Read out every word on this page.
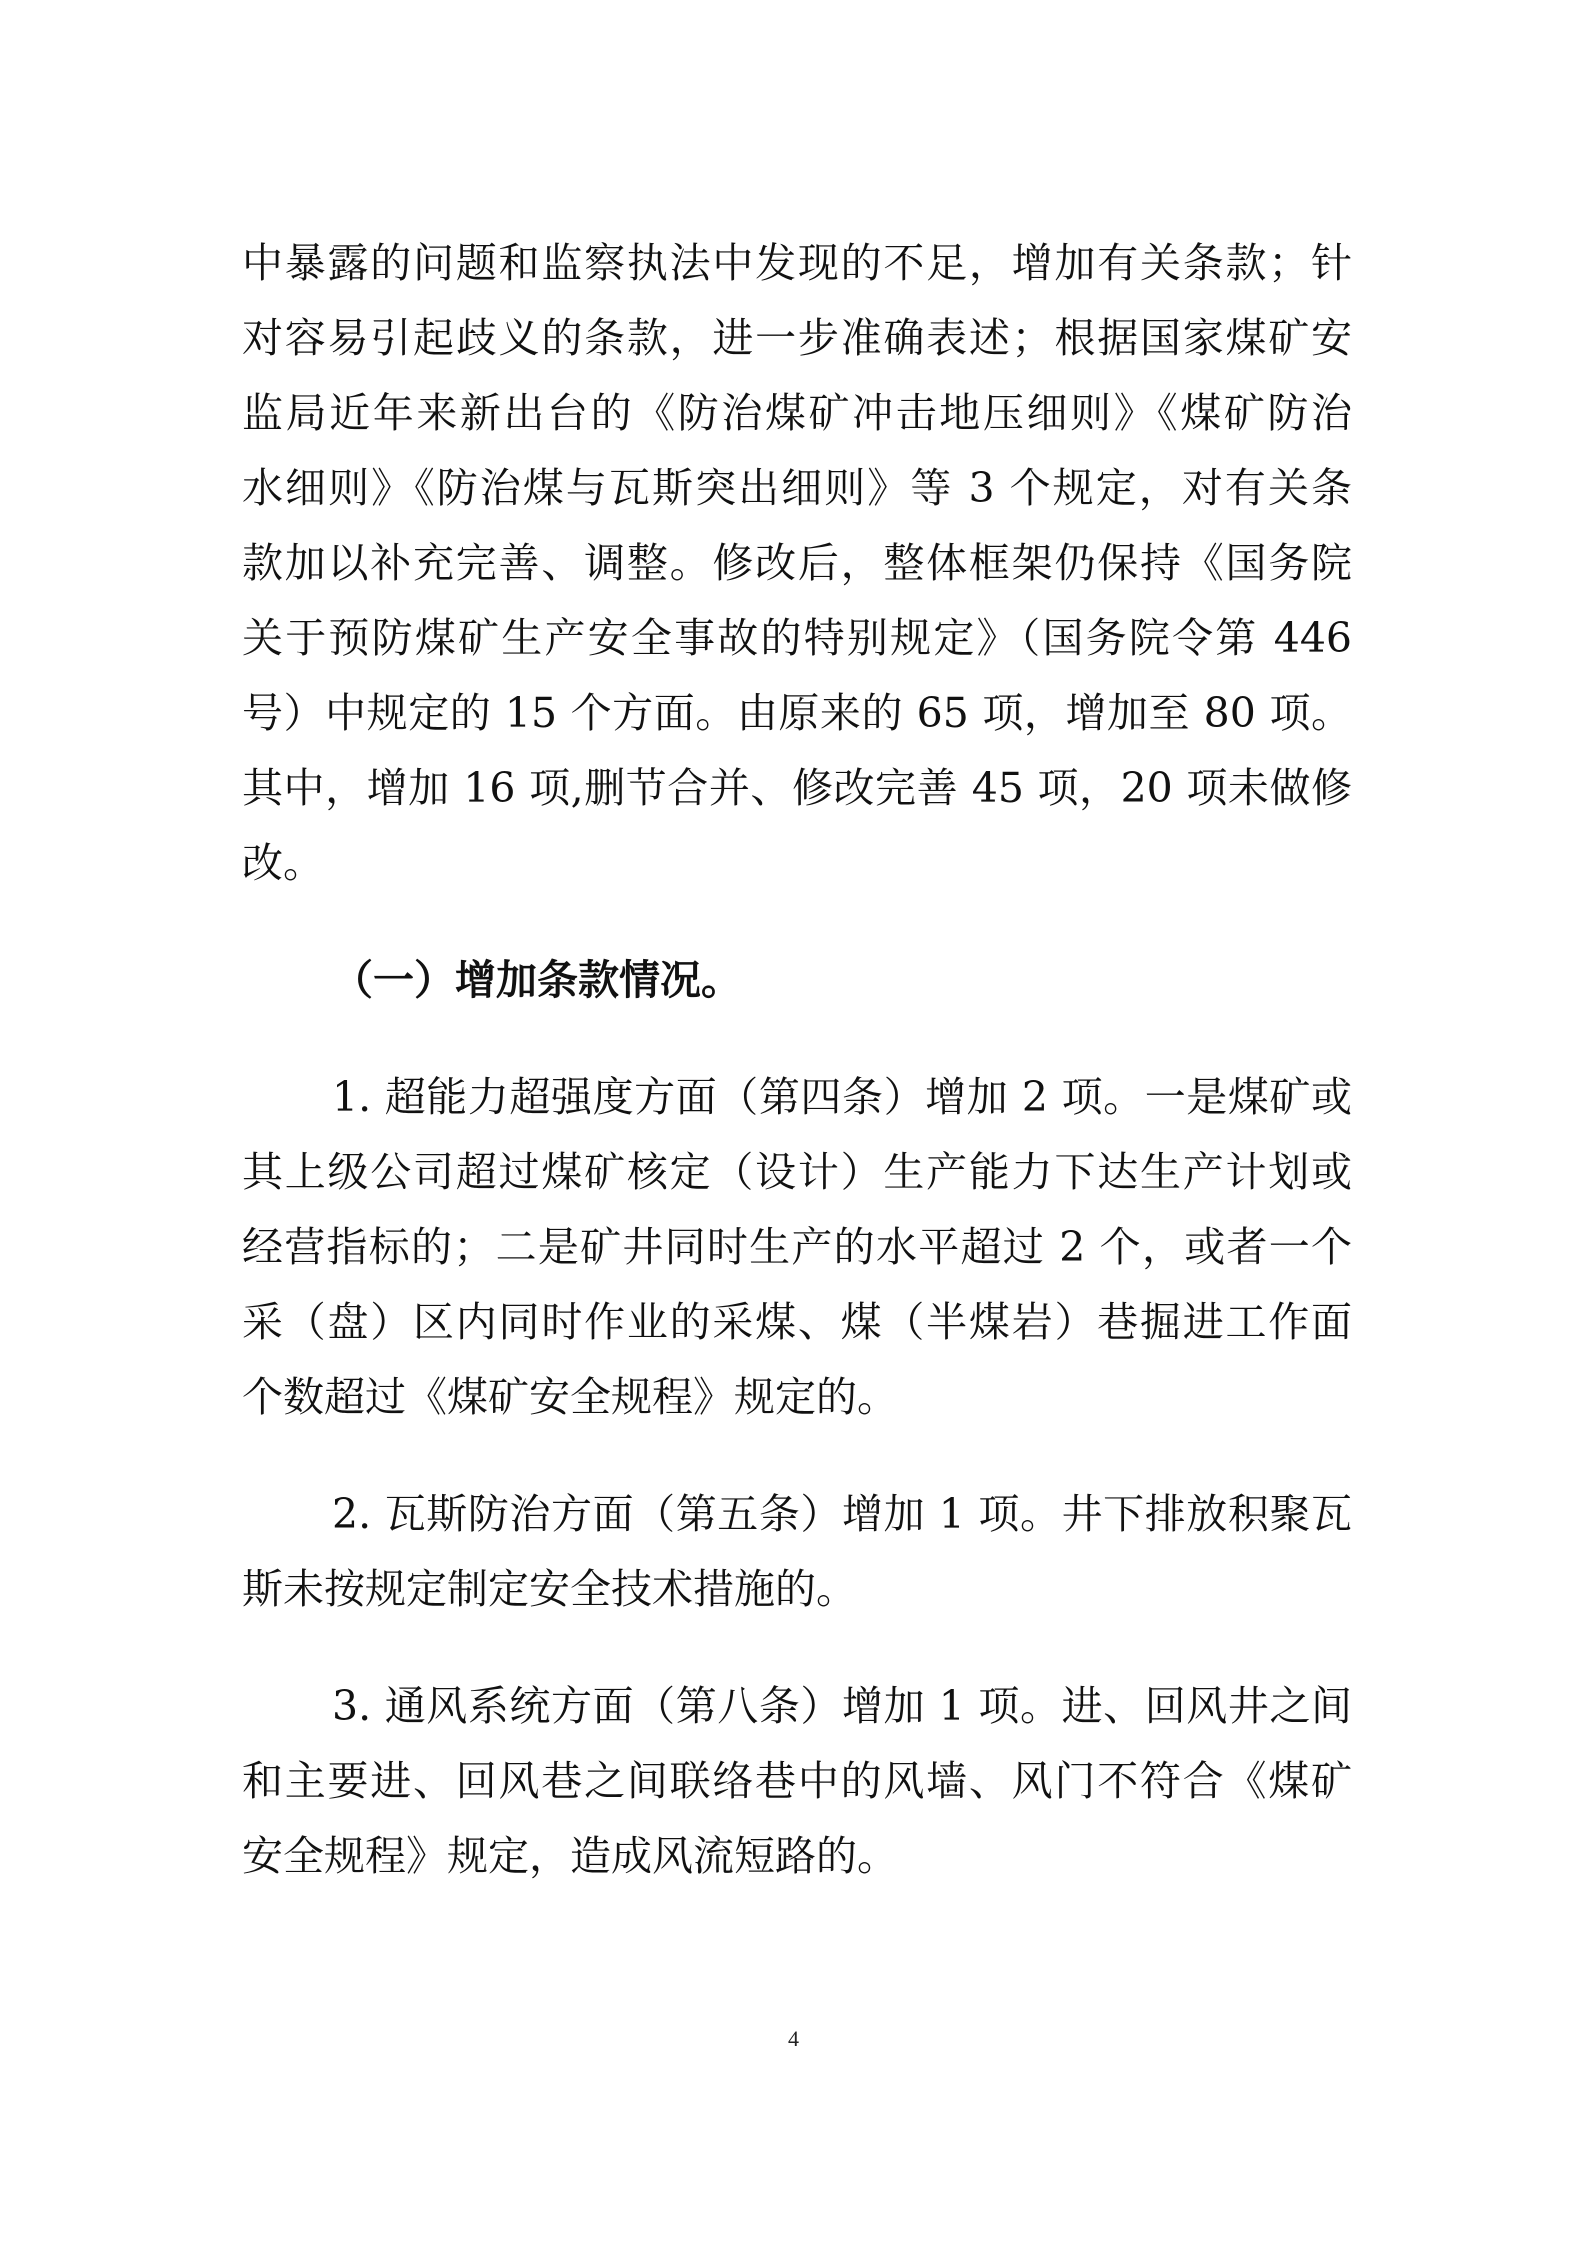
中暴露的问题和监察执法中发现的不足，增加有关条款；针
对容易引起歧义的条款，进一步准确表述；根据国家煤矿安
监局近年来新出台的《防治煤矿冲击地压细则》《煤矿防治
水细则》《防治煤与瓦斯突出细则》等 3 个规定，对有关条
款加以补充完善、调整。修改后，整体框架仍保持《国务院
关于预防煤矿生产安全事故的特别规定》（国务院令第 446
号）中规定的 15 个方面。由原来的 65 项，增加至 80 项。
其中，增加 16 项,删节合并、修改完善 45 项，20 项未做修
改。
（一）增加条款情况。
1. 超能力超强度方面（第四条）增加 2 项。一是煤矿或
其上级公司超过煤矿核定（设计）生产能力下达生产计划或
经营指标的；二是矿井同时生产的水平超过 2 个，或者一个
采（盘）区内同时作业的采煤、煤（半煤岩）巷掘进工作面
个数超过《煤矿安全规程》规定的。
2. 瓦斯防治方面（第五条）增加 1 项。井下排放积聚瓦
斯未按规定制定安全技术措施的。
3. 通风系统方面（第八条）增加 1 项。进、回风井之间
和主要进、回风巷之间联络巷中的风墙、风门不符合《煤矿
安全规程》规定，造成风流短路的。
4
